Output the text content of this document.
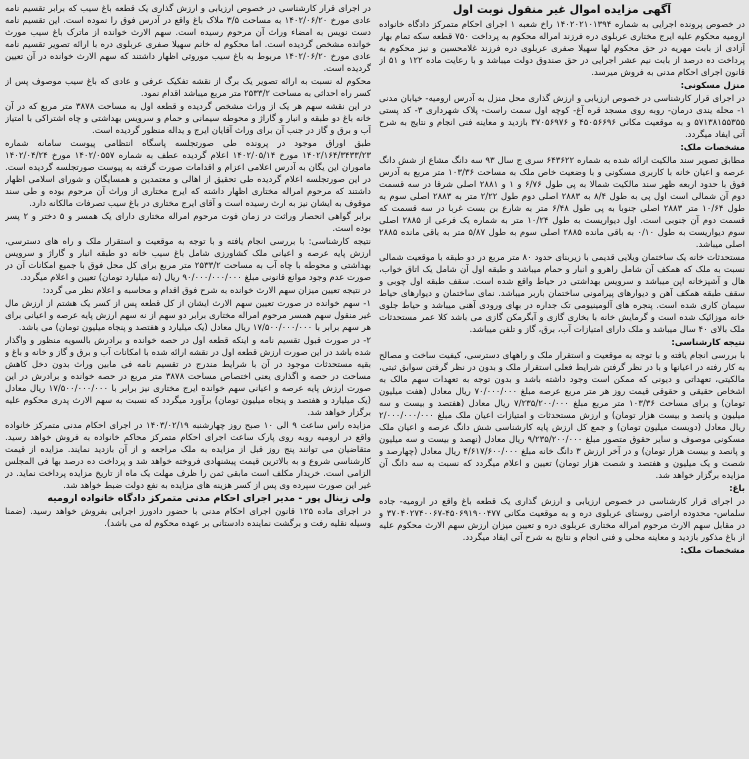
آگهی مزایده اموال غیر منقول نوبت اول

در خصوص پرونده اجرایی به شماره ۱۴۰۲۰۲۱۰۱۳۹۴ راخ شعبه ۱ اجرای احکام متمرکز دادگاه خانواده ارومیه محکوم علیه ایرج مختاری عربلوی دره فرزند امراله محکوم به پرداخت ۷۵۰ قطعه سکه تمام بهار آزادی از بابت مهریه در حق محکوم لها سهیلا صفری عربلوی دره فرزند غلامحسین و نیز محکوم به پرداخت ده درصد از بابت نیم عشر اجرایی در حق صندوق دولت میباشد و با رعایت ماده ۱۲۲ و ۵۱ از قانون اجرای احکام مدنی به فروش میرسد.

منزل مسکونی:

در اجرای قرار کارشناسی در خصوص ارزیابی و ارزش گذاری محل منزل به آدرس ارومیه- خیابان مدنی ۱- محله یندی درمان- روبه روی مسجد قره آغ- کوچه اول سمت راست- پلاک شهرداری ۳- کد پستی ۵۷۱۳۸۱۵۵۳۵۵ و به موقعیت مکانی ۴۵۰۵۶۶۹۶ و ۳۷۰۵۶۹۷۶ بازدید و معاینه فنی انجام و نتایج به شرح آتی ایفاد میگردد.

مشخصات ملک:

مطابق تصویر سند مالکیت ارائه شده به شماره ۶۴۳۶۲۲ سری ج سال ۹۳ سه دانگ مشاع از شش دانگ عرصه و اعیان خانه با کاربری مسکونی و با وضعیت خاص ملک به مساحت ۱۰۳/۳۶ متر مربع به آدرس فوق با حدود اربعه ظهر سند مالکیت شمالا به پی طول ۶/۷۶ و ۱ و ۲۸۸۱ اصلی شرقا در سه قسمت دوم آن شمالی است اول پی به طول ۸/۴ به ۲۸۸۳ اصلی دوم طول ۲/۲۲ متر به ۲۸۸۳ اصلی سوم به طول ۱۰/۶۴ متر ۲۸۸۳ اصلی جنوبا به پی طول ۶/۴۸ متر به شارع بن بست غربا در سه قسمت که قسمت دوم آن جنوبی است. اول دیواریست به طول ۱۰/۲۴ متر به شماره یک فرعی از ۲۸۸۵ اصلی سوم دیواریست به طول ۰/۱۰ به باقی مانده ۲۸۸۵ اصلی سوم به طول ۵/۸۷ متر به باقی مانده ۲۸۸۵ اصلی میباشد.

مستحدثات خانه یک ساختمان ویلایی قدیمی با زیربنای حدود ۸۰ متر مربع در دو طبقه با موقعیت شمالی نسبت به ملک که همکف آن شامل راهرو و انبار و حمام میباشد و طبقه اول آن شامل یک اتاق خواب، هال و آشپزخانه اپن میباشد و سرویس بهداشتی در حیاط واقع شده است. سقف طبقه اول چوبی و سقف طبقه همکف آهن و دیوارهای پیرامونی ساختمان باربر میباشد. نمای ساختمان و دیوارهای حیاط سیمان کاری شده است. پنجره های آلومینیومی تک جداره در بهای ورودی آهنی میباشد و حیاط جلوی خانه موزائیک شده است و گرمایش خانه با بخاری گازی و آبگرمکن گازی می باشد کلا عمر مستحدثات ملک بالای ۴۰ سال میباشد و ملک دارای امتیازات آب، برق، گاز و تلفن میباشد.

نتیجه کارشناسی:

با بررسی انجام یافته و با توجه به موقعیت و استقرار ملک و راههای دسترسی، کیفیت ساخت و مصالح به کار رفته در اعیانها و با در نظر گرفتن شرایط فعلی استقرار ملک و بدون در نظر گرفتن سوابق ثبتی، مالکیتی، تعهداتی و دیونی که ممکن است وجود داشته باشد و بدون توجه به تعهدات سهم مالک به اشخاص حقیقی و حقوقی قیمت روز هر متر مربع عرصه مبلغ ۷۰/۰۰۰/۰۰۰ ریال معادل (هفت میلیون تومان) و برای مساحت ۱۰۳/۳۶ متر مربع مبلغ ۷/۲۳۵/۲۰۰/۰۰۰ ریال معادل (هفتصد و بیست و سه میلیون و پانصد و بیست هزار تومان) و ارزش مستحدثات و امتیازات اعیان ملک مبلغ ۲/۰۰۰/۰۰۰/۰۰۰ ریال معادل (دویست میلیون تومان) و جمع کل ارزش پایه کارشناسی شش دانگ عرصه و اعیان ملک مسکونی موصوف و سایر حقوق متصور مبلغ ۹/۲۳۵/۲۰۰/۰۰۰ ریال معادل (نهصد و بیست و سه میلیون و پانصد و بیست هزار تومان) و در آخر ارزش ۳ دانگ خانه مبلغ ۴/۶۱۷/۶۰۰/۰۰۰ ریال معادل (چهارصد و شصت و یک میلیون و هفتصد و شصت هزار تومان) تعیین و اعلام میگردد که نسبت به سه دانگ آن مزایده برگزار خواهد شد.

باغ:

در اجرای قرار کارشناسی در خصوص ارزیابی و ارزش گذاری یک قطعه باغ واقع در ارومیه- جاده سلماس- محدوده اراضی روستای عربلوی دره و به موقعیت مکانی ۴۵۰۶۹۱۹۰۰۴۷۷-۳۷۰۴۰۲۷۴۰۰۶۷ و در مقابل سهم الارث مرحوم امراله مختاری عربلوی دره و تعیین میزان ارزش سهم الارث محکوم علیه از باغ مذکور بازدید و معاینه محلی و فنی انجام و نتایج به شرح آتی ایفاد میگردد.

مشخصات ملک:

در اجرای قرار کارشناسی در خصوص ارزیابی و ارزش گذاری یک قطعه باغ سیب که برابر تقسیم نامه عادی مورخ ۱۴۰۲/۰۶/۲۰ به مساحت ۳/۵ ملاک باغ واقع در آدرس فوق را نموده است. این تقسیم نامه دست نویس به امضاء وراث آن مرحوم رسیده است. سهم الارث خوانده از ماترک باغ سیب مورث خوانده مشخص گردیده است. اما محکوم له خانم سهیلا صفری عربلوی دره با ارائه تصویر تقسیم نامه عادی مورخ ۱۴۰۲/۰۶/۲۰ مربوط به باغ سیب موروثی اظهار داشتند که سهم الارث خوانده در آن تعیین گردیده است.

محکوم له نسبت به ارائه تصویر یک برگ از نقشه تفکیک عرفی و عادی که باغ سیب موصوف پس از کسر راه احداثی به مساحت ۲۵۳۳/۲ متر مربع میباشد اقدام نمود.

در این نقشه سهم هر یک از وراث مشخص گردیده و قطعه اول به مساحت ۳۸۷۸ متر مربع که در آن خانه باغ دو طبقه و انبار و گاراژ و محوطه سیمانی و حمام و سرویس بهداشتی و چاه اشتراکی با امتیاز آب و برق و گاز در جنب آن برای وراث آقایان ایرج و یداله منظور گردیده است.

طبق اوراق موجود در پرونده طی صورتجلسه پاسگاه انتظامی پیوست سامانه شماره ۱۴۰۲/۱۶۴/۳۴۳۳/۲۳ مورخ ۱۴۰۲/۰۵/۱۴ اعلام گردیده عطف به شماره ۱۴۰۲/۰۵۵۷ مورخ ۱۴۰۲/۰۴/۲۴ ماموران این یگان به آدرس اعلامی اعزام و اقدامات صورت گرفته به پیوست صورتجلسه گردیده است. در این صورتجلسه اعلام گردیده طی تحقیق از اهالی و معتمدین و همسایگان و شورای اسلامی اظهار داشتند که مرحوم امراله مختاری اظهار داشته که ایرج مختاری از وراث آن مرحوم بوده و طی سند موقوف به ایشان نیز به ارث رسیده است و آقای ایرج مختاری در باغ سیب تصرفات مالکانه دارد.

برابر گواهی انحصار وراثت در زمان فوت مرحوم امراله مختاری دارای یک همسر و ۵ دختر و ۲ پسر بوده است.

نتیجه کارشناسی: با بررسی انجام یافته و با توجه به موقعیت و استقرار ملک و راه های دسترسی، ارزش پایه عرصه و اعیانی ملک کشاورزی شامل باغ سیب خانه دو طبقه انبار و گاراژ و سرویس بهداشتی و محوطه با چاه آب به مساحت ۲۵۳۳/۲ متر مربع برای کل محل فوق با جمیع امکانات آن در صورت عدم وجود موانع قانونی مبلغ ۹۰/۰۰۰/۰۰۰/۰۰۰ ریال (نه میلیارد تومان) تعیین و اعلام میگردد.

در نتیجه تعیین میزان سهم الارث خوانده به شرح فوق اقدام و محاسبه و اعلام نظر می گردد:

۱- سهم خوانده در صورت تعیین سهم الارث ایشان از کل قطعه پس از کسر یک هشتم از ارزش مال غیر منقول سهم همسر مرحوم امراله مختاری برابر دو سهم از نه سهم ارزش پایه عرصه و اعیانی برای هر سهم برابر با ۱۷/۵۰۰/۰۰۰/۰۰۰ ریال معادل (یک میلیارد و هفتصد و پنجاه میلیون تومان) می باشد.

۲- در صورت قبول تقسیم نامه و اینکه قطعه اول در حصه خوانده و برادرش بالسویه منظور و واگذار شده باشد در این صورت ارزش قطعه اول در نقشه ارائه شده با امکانات آب و برق و گاز و خانه و باغ و بقیه مستحدثات موجود در آن با شرایط مندرج در تقسیم نامه فی مابین وراث بدون دخل کاهش مساحت در حصه و اگذاری یعنی اختصاص مساحت ۳۸۷۸ متر مربع در حصه خوانده و برادرش در این صورت ارزش پایه عرصه و اعیانی سهم خوانده ایرج مختاری نیز برابر با ۱۷/۵۰۰/۰۰۰/۰۰۰ ریال معادل (یک میلیارد و هفتصد و پنجاه میلیون تومان) برآورد میگردد که نسبت به سهم الارث پدری محکوم علیه برگزار خواهد شد.

مزایده راس ساعت ۹ الی ۱۰ صبح روز چهارشنبه ۱۴۰۳/۰۲/۱۹ در اجرای احکام مدنی متمرکز خانواده واقع در ارومیه روبه روی پارک ساعت اجرای احکام متمرکز محاکم خانواده به فروش خواهد رسید. متقاضیان می توانند پنج روز قبل از مزایده به ملک مراجعه و از آن بازدید نمایند. مزایده از قیمت کارشناسی شروع و به بالاترین قیمت پیشنهادی فروخته خواهد شد و پرداخت ده درصد بها فی المجلس الزامی است. خریدار مکلف است مابقی ثمن را ظرف مهلت یک ماه از تاریخ مزایده پرداخت نماید. در غیر این صورت سپرده وی پس از کسر هزینه های مزایده به نفع دولت ضبط خواهد شد.

ولی زینال پور - مدیر اجرای احکام مدنی متمرکز دادگاه خانواده ارومیه

در اجرای ماده ۱۲۵ قانون اجرای احکام مدنی با حضور دادورز اجرایی بفروش خواهد رسید. (ضمنا وسیله نقلیه رفت و برگشت نماینده دادستانی بر عهده محکوم له می باشد).
